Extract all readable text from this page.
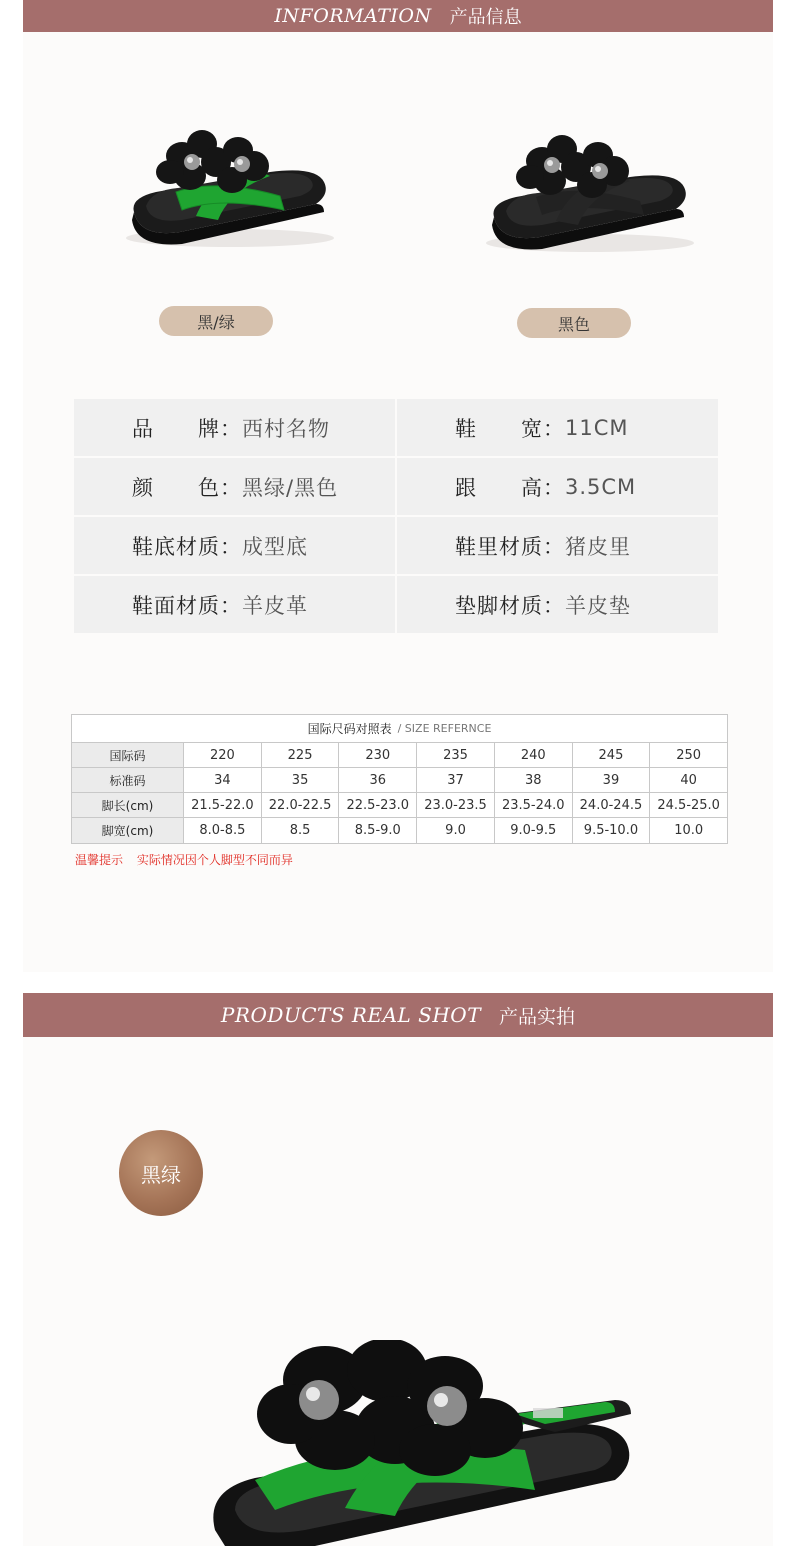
INFORMATION 产品信息
黑/绿	黑色
品　　牌： 西村名物	鞋　　宽： 11CM
颜　　色： 黑绿/黑色	跟　　高： 3.5CM
鞋底材质： 成型底	鞋里材质： 猪皮里
鞋面材质： 羊皮革	垫脚材质： 羊皮垫
国际尺码对照表 / SIZE REFERNCE
国际码	220	225	230	235	240	245	250
标准码	34	35	36	37	38	39	40
脚长(cm)	21.5-22.0	22.0-22.5	22.5-23.0	23.0-23.5	23.5-24.0	24.0-24.5	24.5-25.0
脚宽(cm)	8.0-8.5	8.5	8.5-9.0	9.0	9.0-9.5	9.5-10.0	10.0
温馨提示 实际情况因个人脚型不同而异
PRODUCTS REAL SHOT 产品实拍
黑绿
